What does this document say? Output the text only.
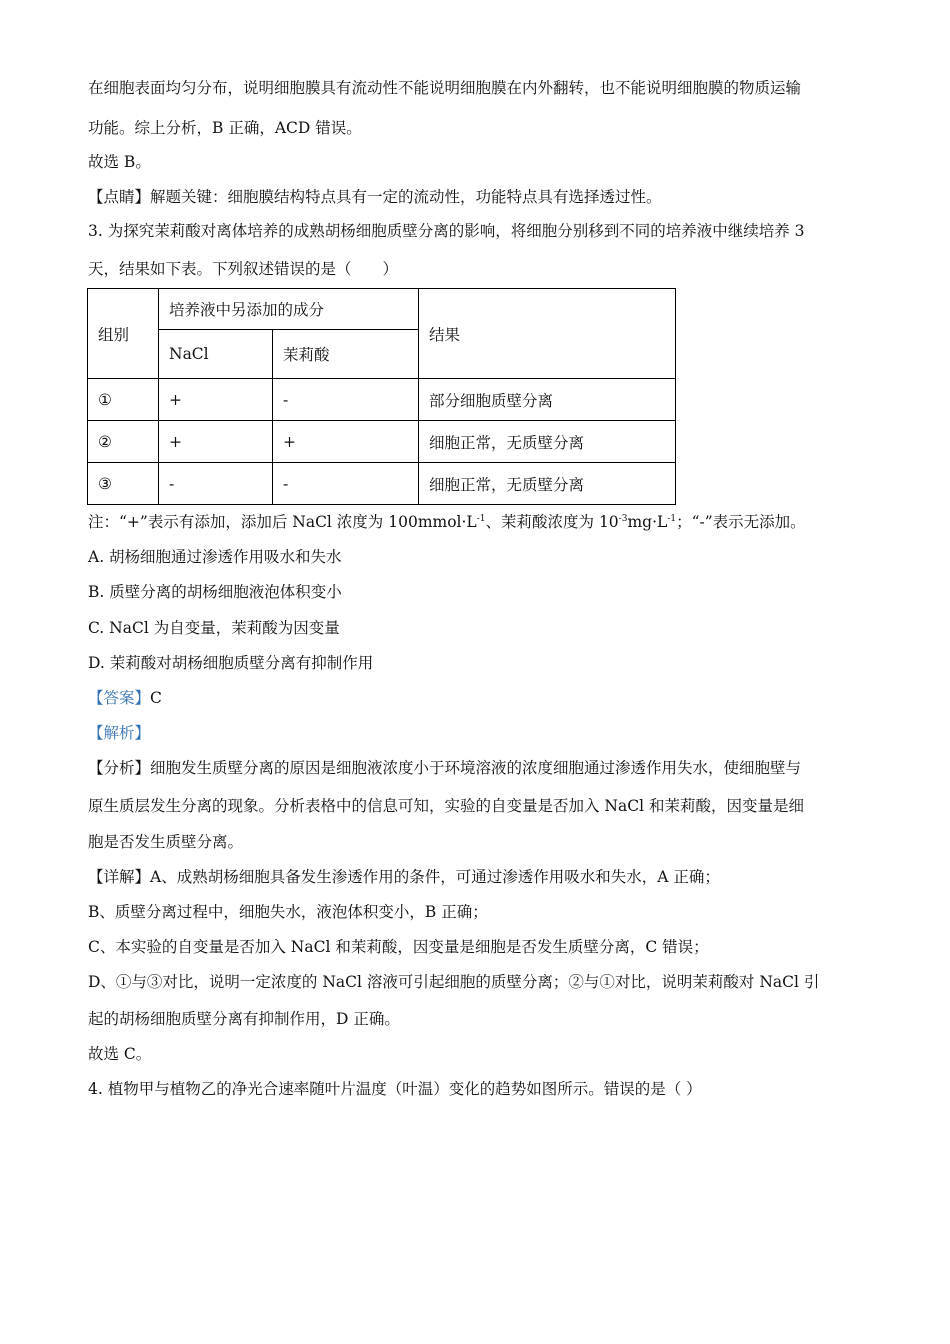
在细胞表面均匀分布，说明细胞膜具有流动性不能说明细胞膜在内外翻转，也不能说明细胞膜的物质运输
功能。综上分析，B 正确，ACD 错误。
故选 B。
【点睛】解题关键：细胞膜结构特点具有一定的流动性，功能特点具有选择透过性。
3. 为探究茉莉酸对离体培养的成熟胡杨细胞质壁分离的影响，将细胞分别移到不同的培养液中继续培养 3
天，结果如下表。下列叙述错误的是（　　）
组别	培养液中另添加的成分		结果
	NaCl	茉莉酸	
①	+	-	部分细胞质壁分离
②	+	+	细胞正常，无质壁分离
③	-	-	细胞正常，无质壁分离
注：“+”表示有添加，添加后 NaCl 浓度为 $100mmol\cdot L^{-1}$、茉莉酸浓度为 $10^{-3}mg\cdot L^{-1}$；“-”表示无添加。
A. 胡杨细胞通过渗透作用吸水和失水
B. 质壁分离的胡杨细胞液泡体积变小
C. NaCl 为自变量，茉莉酸为因变量
D. 茉莉酸对胡杨细胞质壁分离有抑制作用
【答案】C
【解析】
【分析】细胞发生质壁分离的原因是细胞液浓度小于环境溶液的浓度细胞通过渗透作用失水，使细胞壁与
原生质层发生分离的现象。分析表格中的信息可知，实验的自变量是否加入 NaCl 和茉莉酸，因变量是细
胞是否发生质壁分离。
【详解】A、成熟胡杨细胞具备发生渗透作用的条件，可通过渗透作用吸水和失水，A 正确；
B、质壁分离过程中，细胞失水，液泡体积变小，B 正确；
C、本实验的自变量是否加入 NaCl 和茉莉酸，因变量是细胞是否发生质壁分离，C 错误；
D、①与③对比，说明一定浓度的 NaCl 溶液可引起细胞的质壁分离；②与①对比，说明茉莉酸对 NaCl 引
起的胡杨细胞质壁分离有抑制作用，D 正确。
故选 C。
4. 植物甲与植物乙的净光合速率随叶片温度（叶温）变化的趋势如图所示。错误的是（ ）
